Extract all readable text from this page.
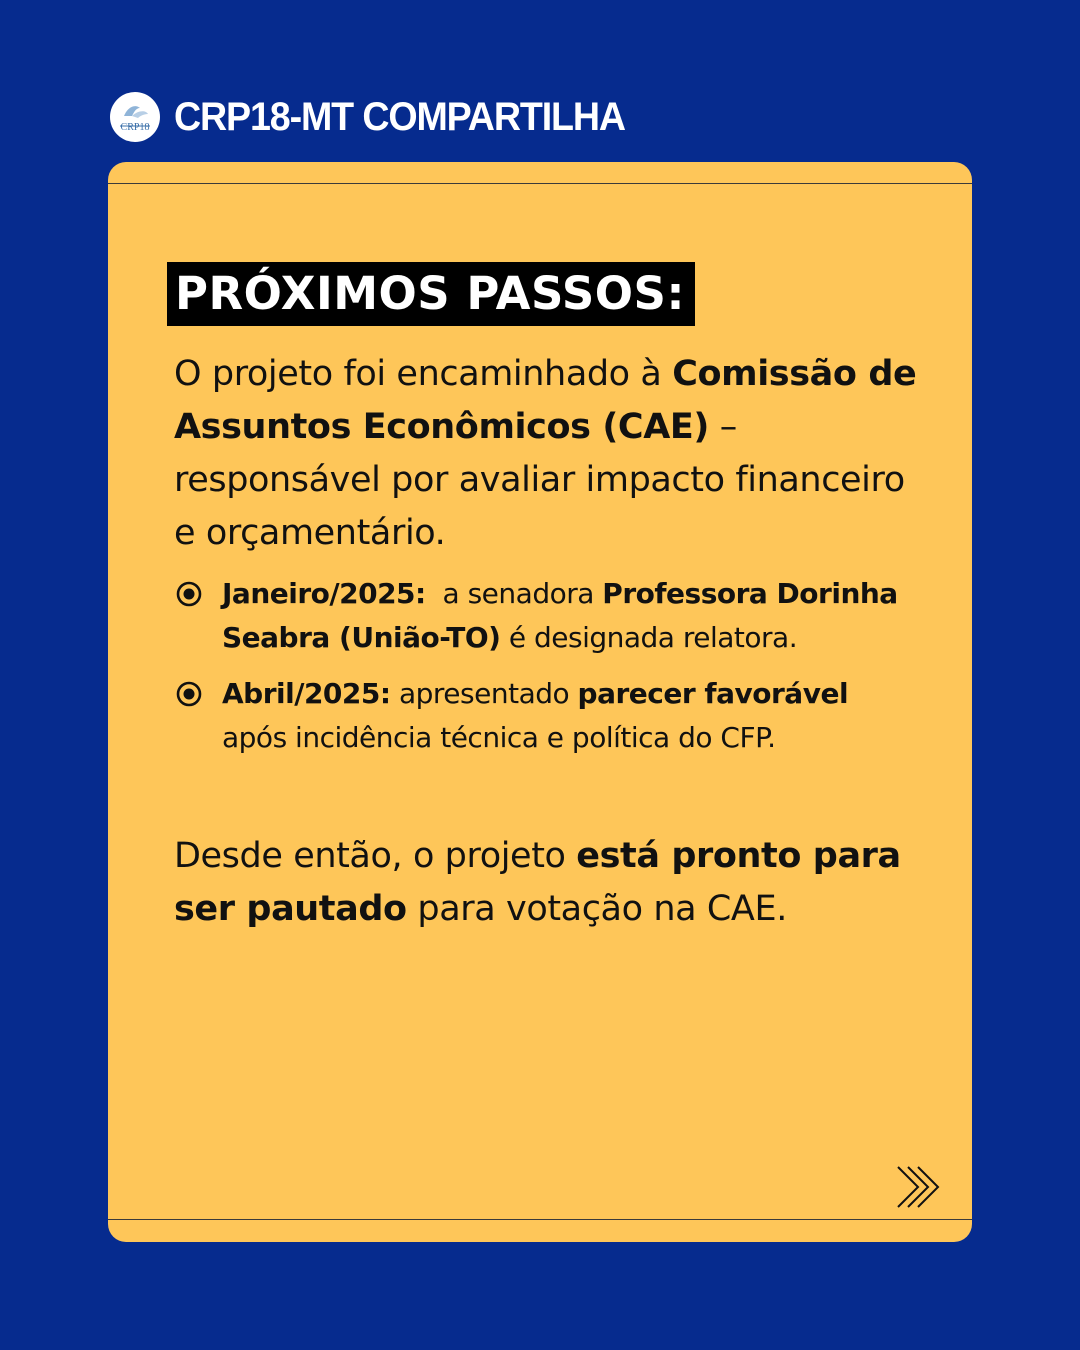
CRP18 CRP18-MT COMPARTILHA
PRÓXIMOS PASSOS:
O projeto foi encaminhado à Comissão de Assuntos Econômicos (CAE) – responsável por avaliar impacto financeiro e orçamentário.
Janeiro/2025:  a senadora Professora Dorinha Seabra (União-TO) é designada relatora.
Abril/2025: apresentado parecer favorável após incidência técnica e política do CFP.
Desde então, o projeto está pronto para ser pautado para votação na CAE.
